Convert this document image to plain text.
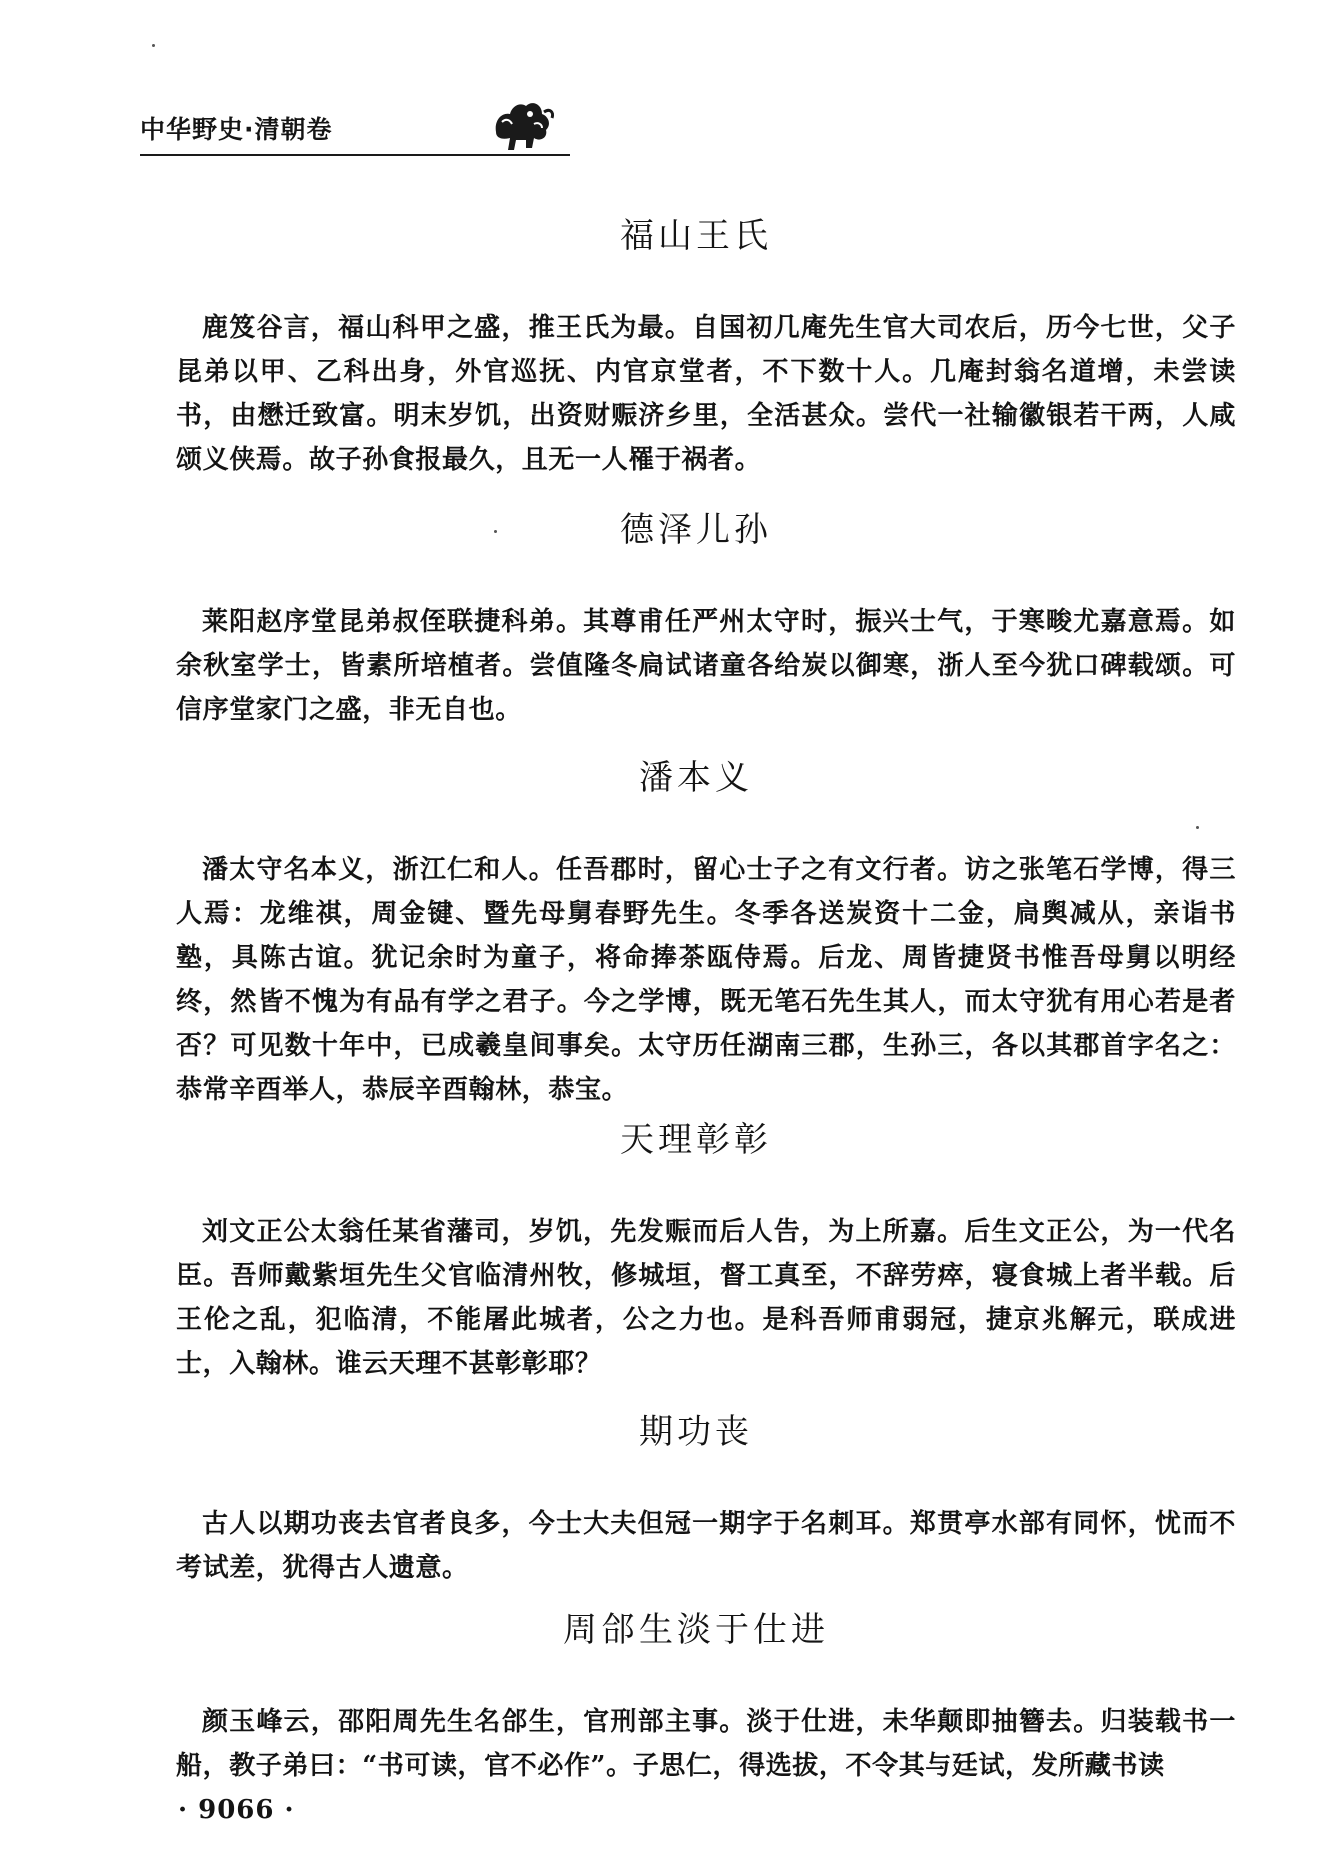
中华野史·清朝卷
福山王氏

鹿笈谷言，福山科甲之盛，推王氏为最。自国初几庵先生官大司农后，历今七世，父子昆弟以甲、乙科出身，外官巡抚、内官京堂者，不下数十人。几庵封翁名道增，未尝读书，由懋迁致富。明末岁饥，出资财赈济乡里，全活甚众。尝代一社输徽银若干两，人咸颂义侠焉。故子孙食报最久，且无一人罹于祸者。

德泽儿孙

莱阳赵序堂昆弟叔侄联捷科弟。其尊甫任严州太守时，振兴士气，于寒畯尤嘉意焉。如余秋室学士，皆素所培植者。尝值隆冬扃试诸童各给炭以御寒，浙人至今犹口碑载颂。可信序堂家门之盛，非无自也。

潘本义

潘太守名本义，浙江仁和人。任吾郡时，留心士子之有文行者。访之张笔石学博，得三人焉：龙维祺，周金键、暨先母舅春野先生。冬季各送炭资十二金，扃舆减从，亲诣书塾，具陈古谊。犹记余时为童子，将命捧茶瓯侍焉。后龙、周皆捷贤书惟吾母舅以明经终，然皆不愧为有品有学之君子。今之学博，既无笔石先生其人，而太守犹有用心若是者否？可见数十年中，已成羲皇间事矣。太守历任湖南三郡，生孙三，各以其郡首字名之：恭常辛酉举人，恭辰辛酉翰林，恭宝。

天理彰彰

刘文正公太翁任某省藩司，岁饥，先发赈而后人告，为上所嘉。后生文正公，为一代名臣。吾师戴紫垣先生父官临清州牧，修城垣，督工真至，不辞劳瘁，寝食城上者半载。后王伦之乱，犯临清，不能屠此城者，公之力也。是科吾师甫弱冠，捷京兆解元，联成进士，入翰林。谁云天理不甚彰彰耶？

期功丧

古人以期功丧去官者良多，今士大夫但冠一期字于名刺耳。郑贯亭水部有同怀，忧而不考试差，犹得古人遗意。

周郃生淡于仕进

颜玉峰云，邵阳周先生名郃生，官刑部主事。淡于仕进，未华颠即抽簪去。归装载书一船，教子弟曰：“书可读，官不必作”。子思仁，得选拔，不令其与廷试，发所藏书读

· 9066 ·
